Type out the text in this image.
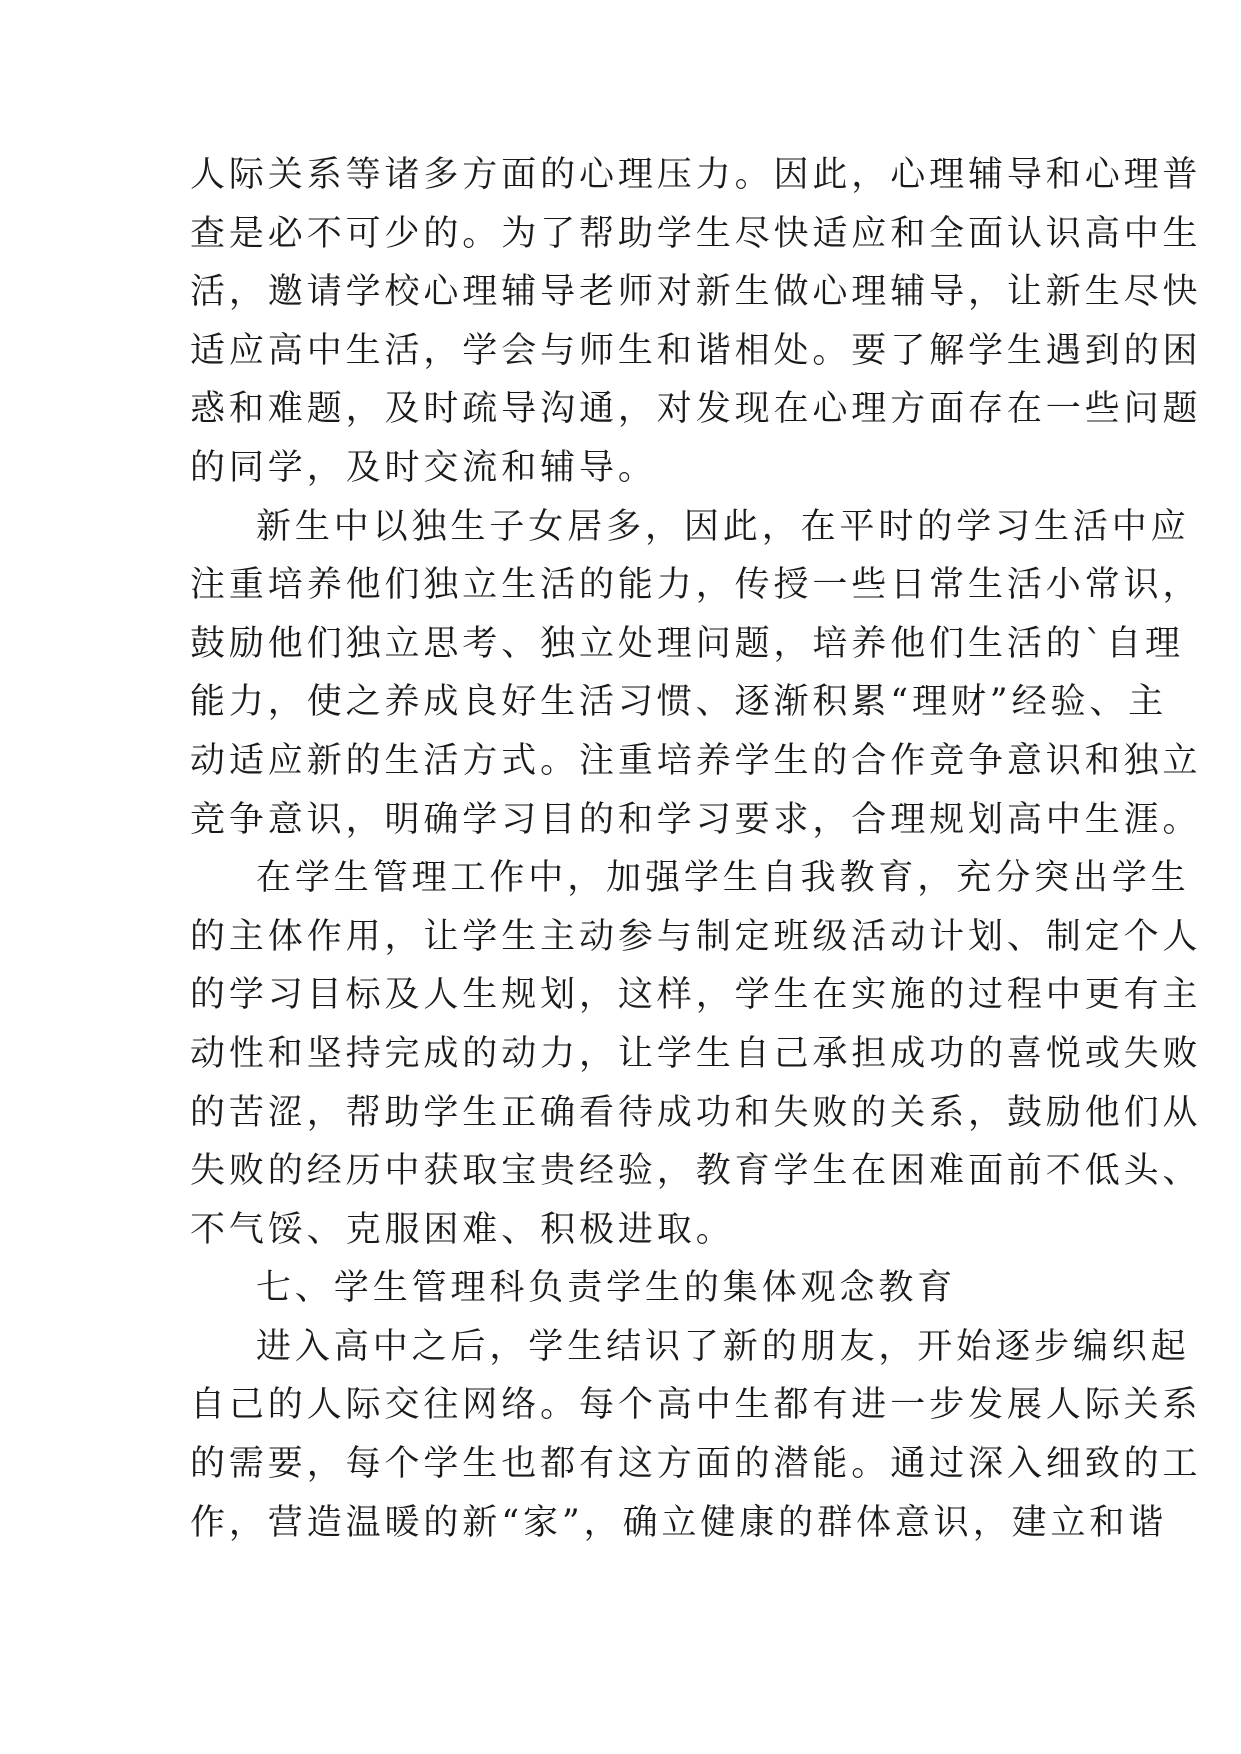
人际关系等诸多方面的心理压力。因此，心理辅导和心理普
查是必不可少的。为了帮助学生尽快适应和全面认识高中生
活，邀请学校心理辅导老师对新生做心理辅导，让新生尽快
适应高中生活，学会与师生和谐相处。要了解学生遇到的困
惑和难题，及时疏导沟通，对发现在心理方面存在一些问题
的同学，及时交流和辅导。
新生中以独生子女居多，因此，在平时的学习生活中应
注重培养他们独立生活的能力，传授一些日常生活小常识，
鼓励他们独立思考、独立处理问题，培养他们生活的`自理
能力，使之养成良好生活习惯、逐渐积累“理财”经验、主
动适应新的生活方式。注重培养学生的合作竞争意识和独立
竞争意识，明确学习目的和学习要求，合理规划高中生涯。
在学生管理工作中，加强学生自我教育，充分突出学生
的主体作用，让学生主动参与制定班级活动计划、制定个人
的学习目标及人生规划，这样，学生在实施的过程中更有主
动性和坚持完成的动力，让学生自己承担成功的喜悦或失败
的苦涩，帮助学生正确看待成功和失败的关系，鼓励他们从
失败的经历中获取宝贵经验，教育学生在困难面前不低头、
不气馁、克服困难、积极进取。
七、学生管理科负责学生的集体观念教育
进入高中之后，学生结识了新的朋友，开始逐步编织起
自己的人际交往网络。每个高中生都有进一步发展人际关系
的需要，每个学生也都有这方面的潜能。通过深入细致的工
作，营造温暖的新“家”，确立健康的群体意识，建立和谐
